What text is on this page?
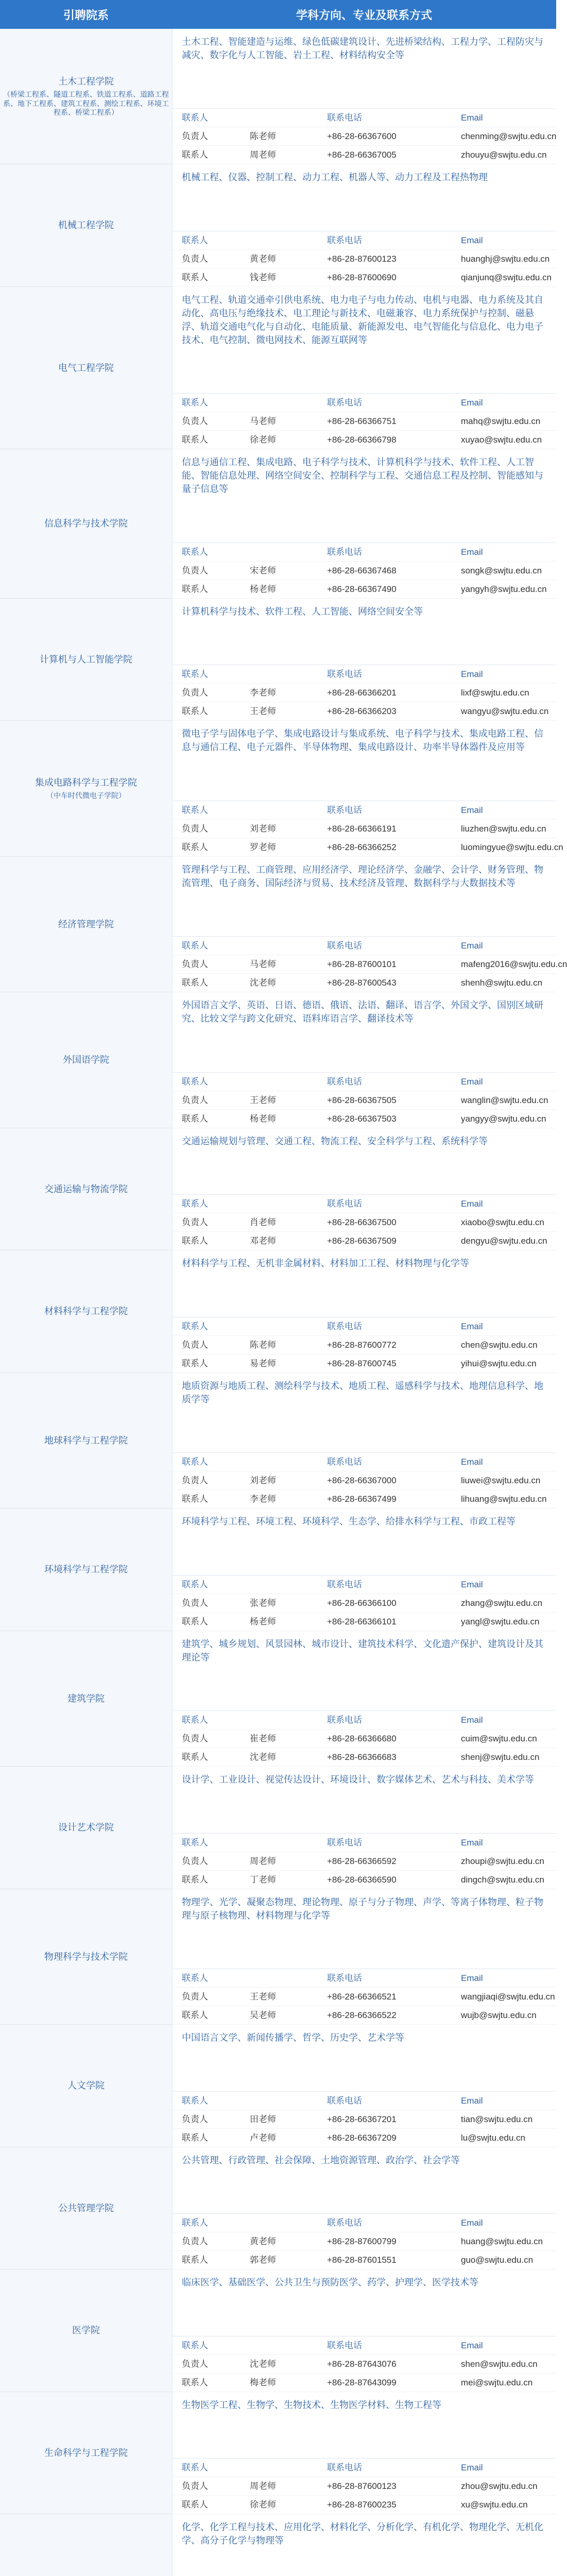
引聘院系	学科方向、专业及联系方式
土木工程学院
（桥梁工程系、隧道工程系、铁道工程系、道路工程系、地下工程系、建筑工程系、测绘工程系、环境工程系、桥梁工程系）
土木工程、智能建造与运维、绿色低碳建筑设计、先进桥梁结构、工程力学、工程防灾与减灾、数字化与人工智能、岩土工程、材料结构安全等
联系人	联系电话	Email
负责人	陈老师	+86-28-66367600	chenming@swjtu.edu.cn
联系人	周老师	+86-28-66367005	zhouyu@swjtu.edu.cn
机械工程学院
机械工程、仪器、控制工程、动力工程、机器人等、动力工程及工程热物理
联系人	联系电话	Email
负责人	黄老师	+86-28-87600123	huanghj@swjtu.edu.cn
联系人	钱老师	+86-28-87600690	qianjunq@swjtu.edu.cn
电气工程学院
电气工程、轨道交通牵引供电系统、电力电子与电力传动、电机与电器、电力系统及其自动化、高电压与绝缘技术、电工理论与新技术、电磁兼容、电力系统保护与控制、磁悬浮、轨道交通电气化与自动化、电能质量、新能源发电、电气智能化与信息化、电力电子技术、电气控制、微电网技术、能源互联网等
联系人	联系电话	Email
负责人	马老师	+86-28-66366751	mahq@swjtu.edu.cn
联系人	徐老师	+86-28-66366798	xuyao@swjtu.edu.cn
信息科学与技术学院
信息与通信工程、集成电路、电子科学与技术、计算机科学与技术、软件工程、人工智能、智能信息处理、网络空间安全、控制科学与工程、交通信息工程及控制、智能感知与量子信息等
联系人	联系电话	Email
负责人	宋老师	+86-28-66367468	songk@swjtu.edu.cn
联系人	杨老师	+86-28-66367490	yangyh@swjtu.edu.cn
计算机与人工智能学院
计算机科学与技术、软件工程、人工智能、网络空间安全等
联系人	联系电话	Email
负责人	李老师	+86-28-66366201	lixf@swjtu.edu.cn
联系人	王老师	+86-28-66366203	wangyu@swjtu.edu.cn
集成电路科学与工程学院
（中车时代微电子学院）
微电子学与固体电子学、集成电路设计与集成系统、电子科学与技术、集成电路工程、信息与通信工程、电子元器件、半导体物理、集成电路设计、功率半导体器件及应用等
联系人	联系电话	Email
负责人	刘老师	+86-28-66366191	liuzhen@swjtu.edu.cn
联系人	罗老师	+86-28-66366252	luomingyue@swjtu.edu.cn
经济管理学院
管理科学与工程、工商管理、应用经济学、理论经济学、金融学、会计学、财务管理、物流管理、电子商务、国际经济与贸易、技术经济及管理、数据科学与大数据技术等
联系人	联系电话	Email
负责人	马老师	+86-28-87600101	mafeng2016@swjtu.edu.cn
联系人	沈老师	+86-28-87600543	shenh@swjtu.edu.cn
外国语学院
外国语言文学、英语、日语、德语、俄语、法语、翻译、语言学、外国文学、国别区域研究、比较文学与跨文化研究、语料库语言学、翻译技术等
联系人	联系电话	Email
负责人	王老师	+86-28-66367505	wanglin@swjtu.edu.cn
联系人	杨老师	+86-28-66367503	yangyy@swjtu.edu.cn
交通运输与物流学院
交通运输规划与管理、交通工程、物流工程、安全科学与工程、系统科学等
联系人	联系电话	Email
负责人	肖老师	+86-28-66367500	xiaobo@swjtu.edu.cn
联系人	邓老师	+86-28-66367509	dengyu@swjtu.edu.cn
材料科学与工程学院
材料科学与工程、无机非金属材料、材料加工工程、材料物理与化学等
联系人	联系电话	Email
负责人	陈老师	+86-28-87600772	chen@swjtu.edu.cn
联系人	易老师	+86-28-87600745	yihui@swjtu.edu.cn
地球科学与工程学院
地质资源与地质工程、测绘科学与技术、地质工程、遥感科学与技术、地理信息科学、地质学等
联系人	联系电话	Email
负责人	刘老师	+86-28-66367000	liuwei@swjtu.edu.cn
联系人	李老师	+86-28-66367499	lihuang@swjtu.edu.cn
环境科学与工程学院
环境科学与工程、环境工程、环境科学、生态学、给排水科学与工程、市政工程等
联系人	联系电话	Email
负责人	张老师	+86-28-66366100	zhang@swjtu.edu.cn
联系人	杨老师	+86-28-66366101	yangl@swjtu.edu.cn
建筑学院
建筑学、城乡规划、风景园林、城市设计、建筑技术科学、文化遗产保护、建筑设计及其理论等
联系人	联系电话	Email
负责人	崔老师	+86-28-66366680	cuim@swjtu.edu.cn
联系人	沈老师	+86-28-66366683	shenj@swjtu.edu.cn
设计艺术学院
设计学、工业设计、视觉传达设计、环境设计、数字媒体艺术、艺术与科技、美术学等
联系人	联系电话	Email
负责人	周老师	+86-28-66366592	zhoupi@swjtu.edu.cn
联系人	丁老师	+86-28-66366590	dingch@swjtu.edu.cn
物理科学与技术学院
物理学、光学、凝聚态物理、理论物理、原子与分子物理、声学、等离子体物理、粒子物理与原子核物理、材料物理与化学等
联系人	联系电话	Email
负责人	王老师	+86-28-66366521	wangjiaqi@swjtu.edu.cn
联系人	吴老师	+86-28-66366522	wujb@swjtu.edu.cn
人文学院
中国语言文学、新闻传播学、哲学、历史学、艺术学等
联系人	联系电话	Email
负责人	田老师	+86-28-66367201	tian@swjtu.edu.cn
联系人	卢老师	+86-28-66367209	lu@swjtu.edu.cn
公共管理学院
公共管理、行政管理、社会保障、土地资源管理、政治学、社会学等
联系人	联系电话	Email
负责人	黄老师	+86-28-87600799	huang@swjtu.edu.cn
联系人	郭老师	+86-28-87601551	guo@swjtu.edu.cn
医学院
临床医学、基础医学、公共卫生与预防医学、药学、护理学、医学技术等
联系人	联系电话	Email
负责人	沈老师	+86-28-87643076	shen@swjtu.edu.cn
联系人	梅老师	+86-28-87643099	mei@swjtu.edu.cn
生命科学与工程学院
生物医学工程、生物学、生物技术、生物医学材料、生物工程等
联系人	联系电话	Email
负责人	周老师	+86-28-87600123	zhou@swjtu.edu.cn
联系人	徐老师	+86-28-87600235	xu@swjtu.edu.cn
化学、化学工程与技术、应用化学、材料化学、分析化学、有机化学、物理化学、无机化学、高分子化学与物理等
